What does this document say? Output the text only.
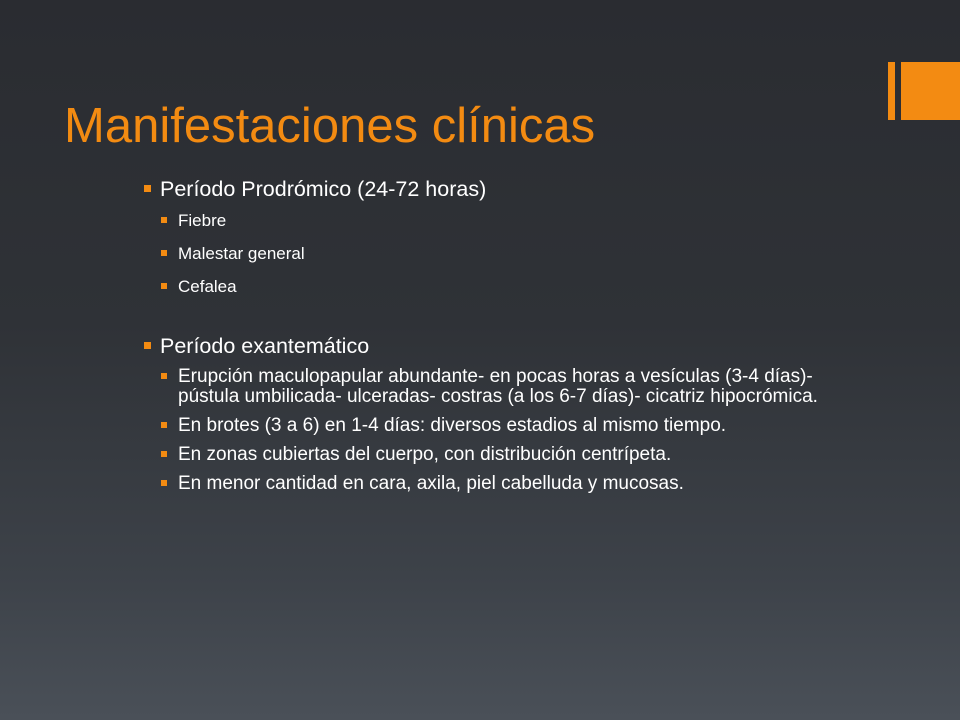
Manifestaciones clínicas
Período Prodrómico (24-72 horas)
Fiebre
Malestar general
Cefalea
Período exantemático
Erupción maculopapular abundante- en pocas horas a vesículas (3-4 días)- pústula umbilicada- ulceradas- costras (a los 6-7 días)- cicatriz hipocrómica.
En brotes (3 a 6) en 1-4 días: diversos estadios al mismo tiempo.
En zonas cubiertas del cuerpo, con distribución centrípeta.
En menor cantidad en cara, axila, piel cabelluda y mucosas.
